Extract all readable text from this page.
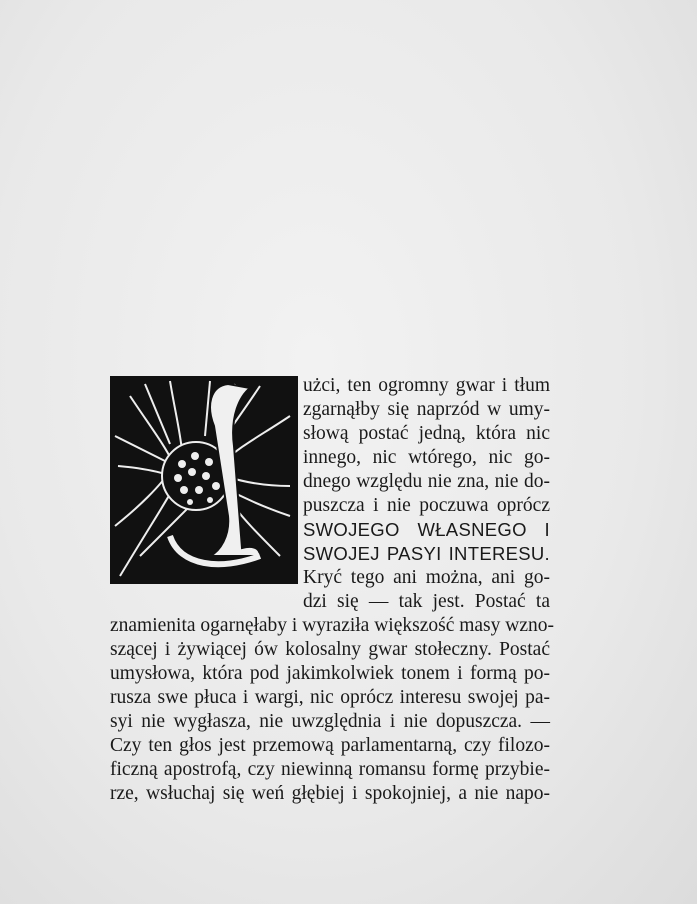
użci, ten ogromny gwar i tłum
zgarnąłby się naprzód w umy-
słową postać jedną, która nic
innego, nic wtórego, nic go-
dnego względu nie zna, nie do-
puszcza i nie poczuwa oprócz
SWOJEGO WŁASNEGO I
SWOJEJ PASYI INTERESU.
Kryć tego ani można, ani go-
dzi się — tak jest. Postać ta
znamienita ogarnęłaby i wyraziła większość masy wzno-
szącej i żywiącej ów kolosalny gwar stołeczny. Postać
umysłowa, która pod jakimkolwiek tonem i formą po-
rusza swe płuca i wargi, nic oprócz interesu swojej pa-
syi nie wygłasza, nie uwzględnia i nie dopuszcza. —
Czy ten głos jest przemową parlamentarną, czy filozo-
ficzną apostrofą, czy niewinną romansu formę przybie-
rze, wsłuchaj się weń głębiej i spokojniej, a nie napo-
